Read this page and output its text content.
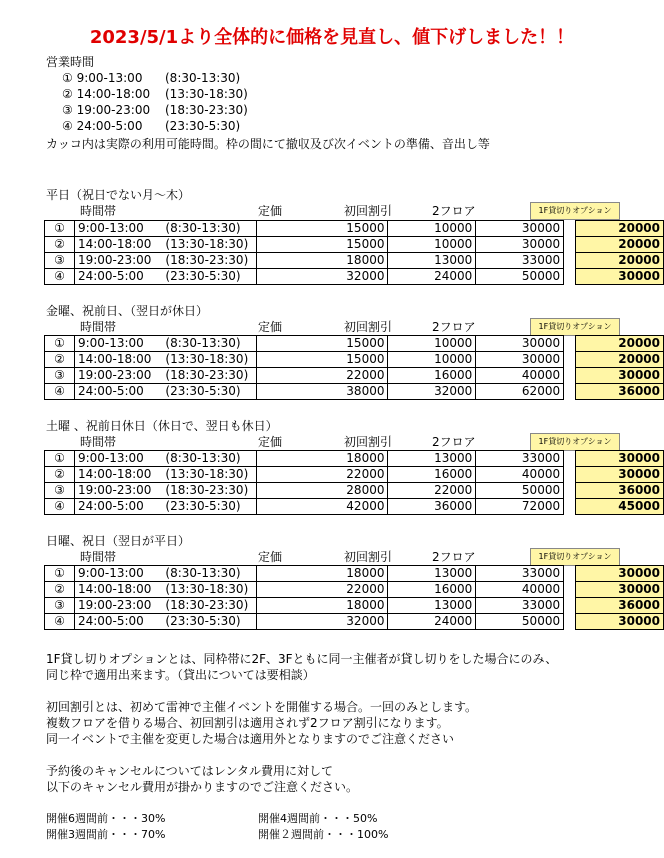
2023/5/1より全体的に価格を見直し、値下げしました！！
営業時間
① 9:00-13:00 (8:30-13:30)
② 14:00-18:00 (13:30-18:30)
③ 19:00-23:00 (18:30-23:30)
④ 24:00-5:00 (23:30-5:30)
カッコ内は実際の利用可能時間。枠の間にて撤収及び次イベントの準備、音出し等
平日（祝日でない月～木）
時間帯	定価	初回割引	2フロア	1F貸切りオプション
①	9:00-13:00	(8:30-13:30)	15000	10000	30000		20000
②	14:00-18:00	(13:30-18:30)	15000	10000	30000		20000
③	19:00-23:00	(18:30-23:30)	18000	13000	33000		20000
④	24:00-5:00	(23:30-5:30)	32000	24000	50000		30000
金曜、祝前日、（翌日が休日）
時間帯	定価	初回割引	2フロア	1F貸切りオプション
①	9:00-13:00	(8:30-13:30)	15000	10000	30000		20000
②	14:00-18:00	(13:30-18:30)	15000	10000	30000		20000
③	19:00-23:00	(18:30-23:30)	22000	16000	40000		30000
④	24:00-5:00	(23:30-5:30)	38000	32000	62000		36000
土曜 、祝前日休日（休日で、翌日も休日）
時間帯	定価	初回割引	2フロア	1F貸切りオプション
①	9:00-13:00	(8:30-13:30)	18000	13000	33000		30000
②	14:00-18:00	(13:30-18:30)	22000	16000	40000		30000
③	19:00-23:00	(18:30-23:30)	28000	22000	50000		36000
④	24:00-5:00	(23:30-5:30)	42000	36000	72000		45000
日曜、祝日（翌日が平日）
時間帯	定価	初回割引	2フロア	1F貸切りオプション
①	9:00-13:00	(8:30-13:30)	18000	13000	33000		30000
②	14:00-18:00	(13:30-18:30)	22000	16000	40000		30000
③	19:00-23:00	(18:30-23:30)	18000	13000	33000		36000
④	24:00-5:00	(23:30-5:30)	32000	24000	50000		30000
1F貸し切りオプションとは、同枠帯に2F、3Fともに同一主催者が貸し切りをした場合にのみ、
同じ枠で適用出来ます。（貸出については要相談）
初回割引とは、初めて雷神で主催イベントを開催する場合。一回のみとします。
複数フロアを借りる場合、初回割引は適用されず2フロア割引になります。
同一イベントで主催を変更した場合は適用外となりますのでご注意ください
予約後のキャンセルについてはレンタル費用に対して
以下のキャンセル費用が掛かりますのでご注意ください。
開催6週間前・・・30%	開催4週間前・・・50%
開催3週間前・・・70%	開催２週間前・・・100%
